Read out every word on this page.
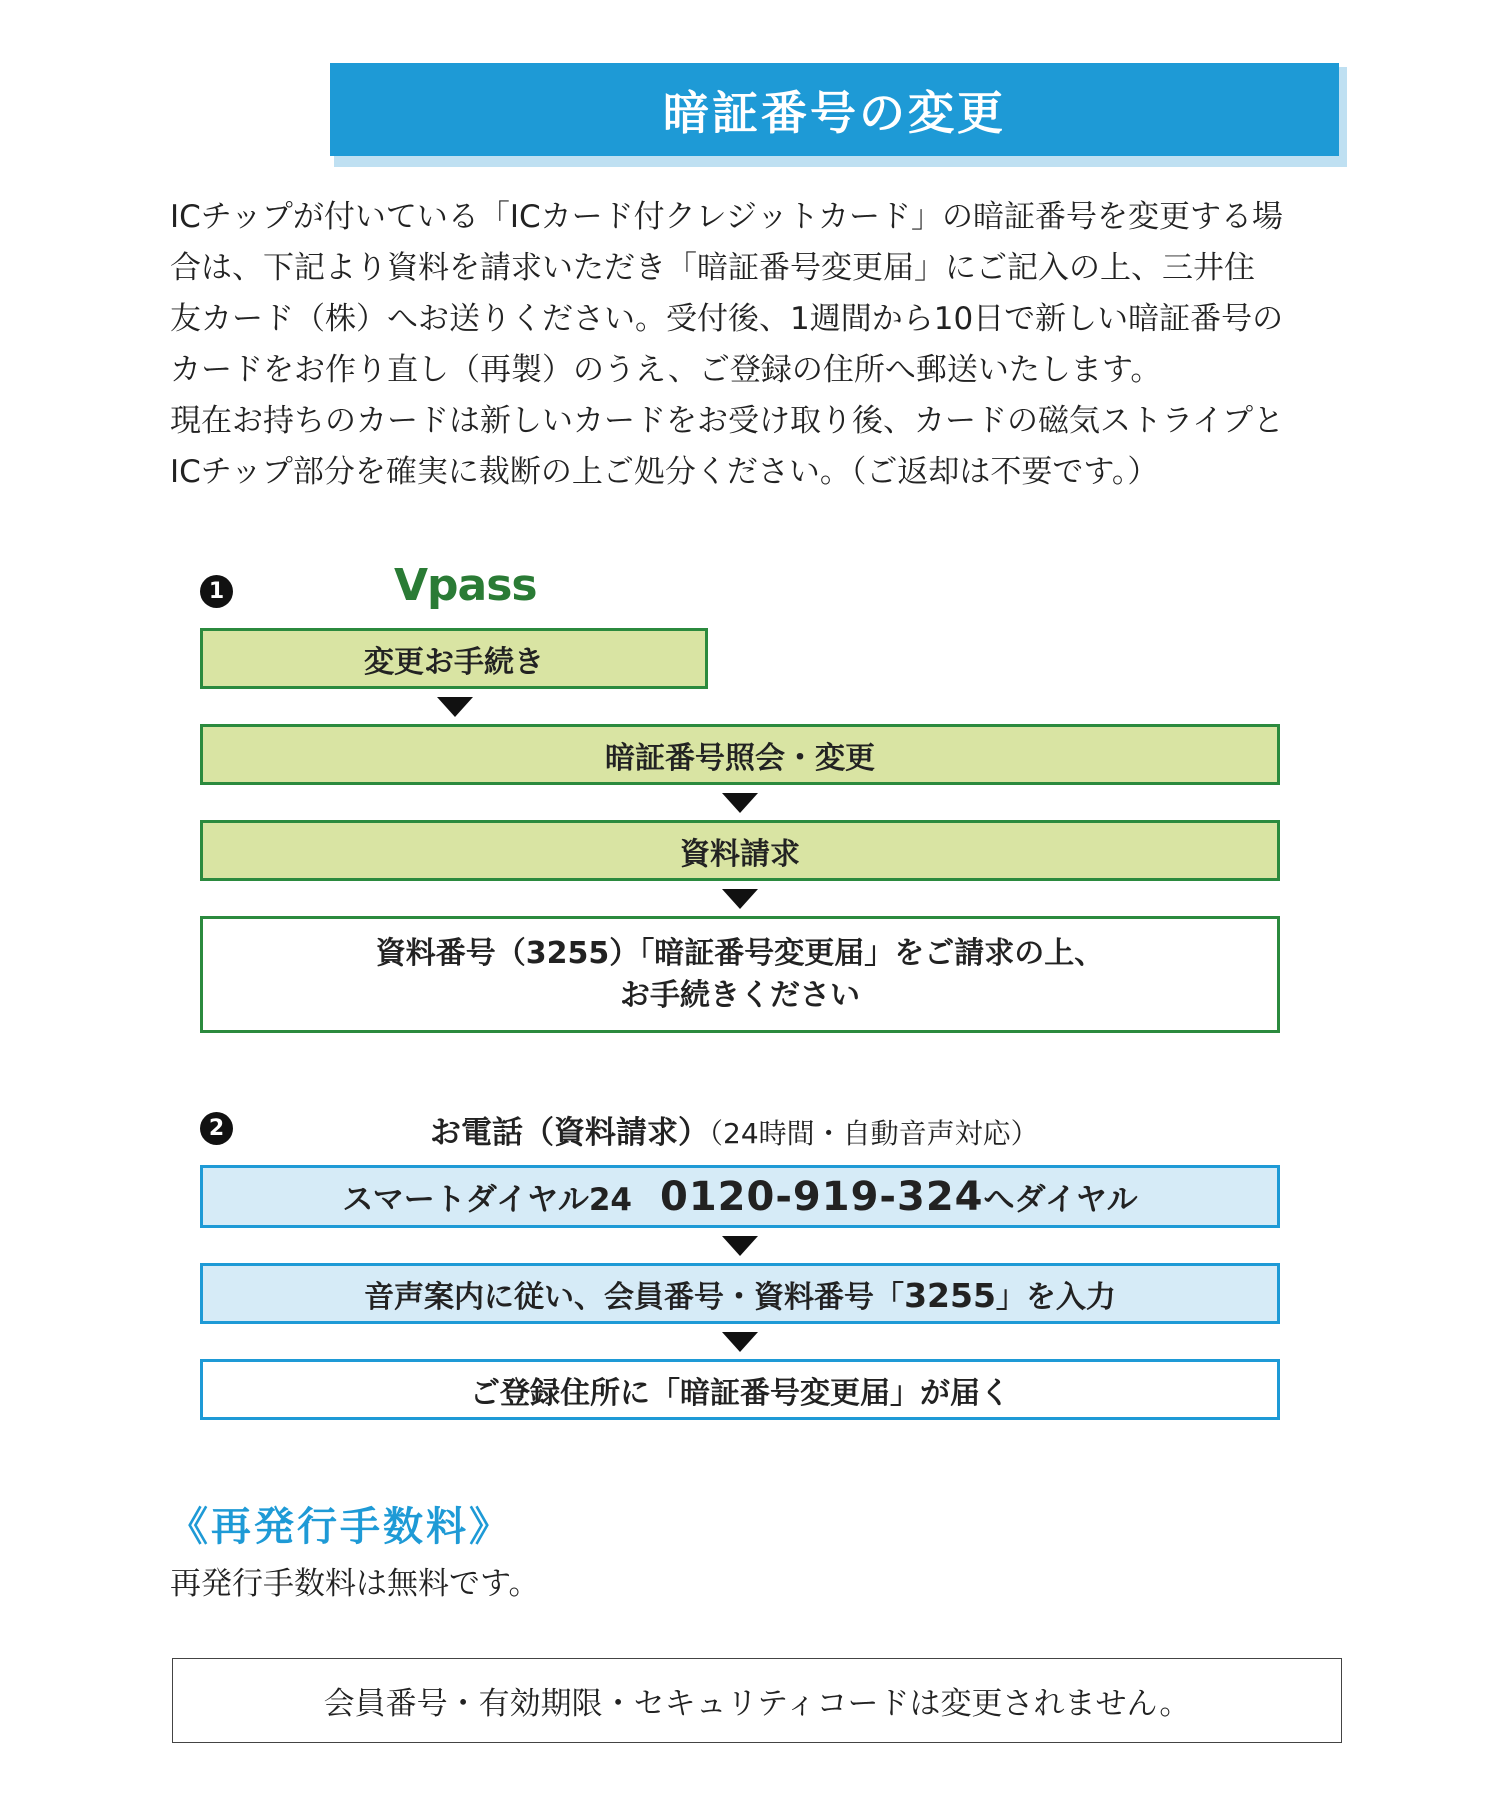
暗証番号の変更

ICチップが付いている「ICカード付クレジットカード」の暗証番号を変更する場

合は、下記より資料を請求いただき「暗証番号変更届」にご記入の上、三井住

友カード（株）へお送りください。受付後、1週間から10日で新しい暗証番号の

カードをお作り直し（再製）のうえ、ご登録の住所へ郵送いたします。

現在お持ちのカードは新しいカードをお受け取り後、カードの磁気ストライプと

ICチップ部分を確実に裁断の上ご処分ください。（ご返却は不要です。）

1	Vpass
変更お手続き
暗証番号照会・変更
資料請求
資料番号（3255）「暗証番号変更届」をご請求の上、
お手続きください
2	お電話（資料請求）（24時間・自動音声対応）
スマートダイヤル24 0120-919-324へダイヤル
音声案内に従い、会員番号・資料番号「3255」を入力
ご登録住所に「暗証番号変更届」が届く
《再発行手数料》
再発行手数料は無料です。
会員番号・有効期限・セキュリティコードは変更されません。
